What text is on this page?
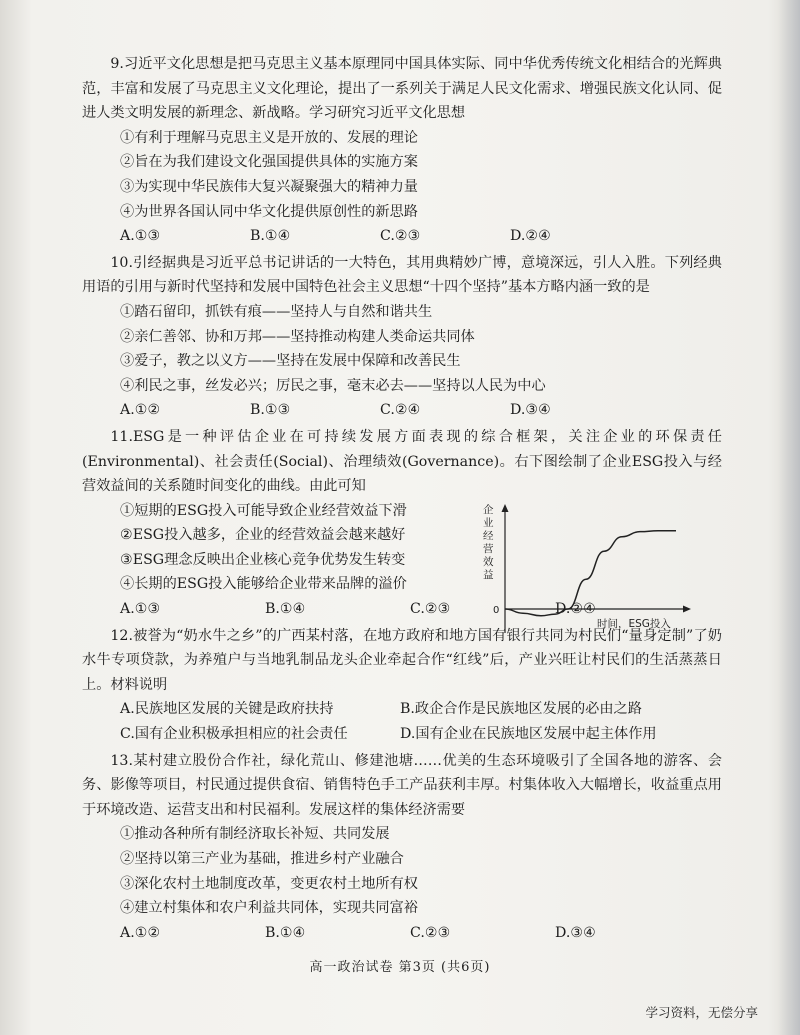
9.习近平文化思想是把马克思主义基本原理同中国具体实际、同中华优秀传统文化相结合的光辉典范，丰富和发展了马克思主义文化理论，提出了一系列关于满足人民文化需求、增强民族文化认同、促进人类文明发展的新理念、新战略。学习研究习近平文化思想

①有利于理解马克思主义是开放的、发展的理论

②旨在为我们建设文化强国提供具体的实施方案

③为实现中华民族伟大复兴凝聚强大的精神力量

④为世界各国认同中华文化提供原创性的新思路

A.①③	B.①④	C.②③	D.②④

10.引经据典是习近平总书记讲话的一大特色，其用典精妙广博，意境深远，引人入胜。下列经典用语的引用与新时代坚持和发展中国特色社会主义思想“十四个坚持”基本方略内涵一致的是

①踏石留印，抓铁有痕——坚持人与自然和谐共生

②亲仁善邻、协和万邦——坚持推动构建人类命运共同体

③爱子，教之以义方——坚持在发展中保障和改善民生

④利民之事，丝发必兴；厉民之事，毫末必去——坚持以人民为中心

A.①②	B.①③	C.②④	D.③④

11.ESG是一种评估企业在可持续发展方面表现的综合框架，关注企业的环保责任(Environmental)、社会责任(Social)、治理绩效(Governance)。右下图绘制了企业ESG投入与经营效益间的关系随时间变化的曲线。由此可知

①短期的ESG投入可能导致企业经营效益下滑

②ESG投入越多，企业的经营效益会越来越好

③ESG理念反映出企业核心竞争优势发生转变

④长期的ESG投入能够给企业带来品牌的溢价

A.①③	B.①④	C.②③	D.②④
企业经营效益
0
时间，ESG投入

12.被誉为“奶水牛之乡”的广西某村落，在地方政府和地方国有银行共同为村民们“量身定制”了奶水牛专项贷款，为养殖户与当地乳制品龙头企业牵起合作“红线”后，产业兴旺让村民们的生活蒸蒸日上。材料说明

A.民族地区发展的关键是政府扶持	B.政企合作是民族地区发展的必由之路
C.国有企业积极承担相应的社会责任	D.国有企业在民族地区发展中起主体作用

13.某村建立股份合作社，绿化荒山、修建池塘……优美的生态环境吸引了全国各地的游客、会务、影像等项目，村民通过提供食宿、销售特色手工产品获利丰厚。村集体收入大幅增长，收益重点用于环境改造、运营支出和村民福利。发展这样的集体经济需要

①推动各种所有制经济取长补短、共同发展

②坚持以第三产业为基础，推进乡村产业融合

③深化农村土地制度改革，变更农村土地所有权

④建立村集体和农户利益共同体，实现共同富裕

A.①②	B.①④	C.②③	D.③④
高一政治试卷 第3页 (共6页)
学习资料，无偿分享
